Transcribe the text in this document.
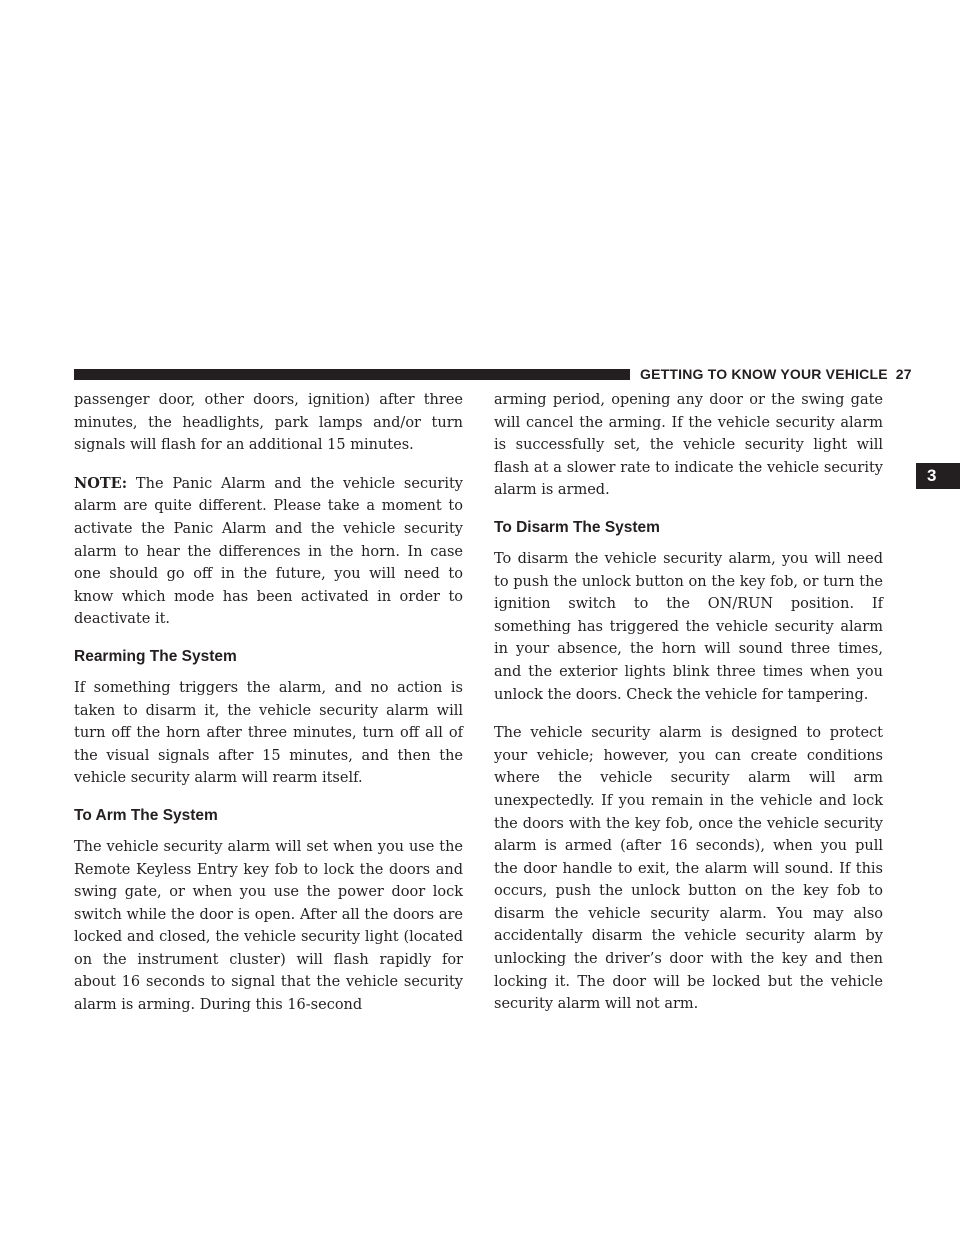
GETTING TO KNOW YOUR VEHICLE 27
3

passenger door, other doors, ignition) after three minutes, the headlights, park lamps and/or turn signals will flash for an additional 15 minutes.

NOTE: The Panic Alarm and the vehicle security alarm are quite different. Please take a moment to activate the Panic Alarm and the vehicle security alarm to hear the differences in the horn. In case one should go off in the future, you will need to know which mode has been activated in order to deactivate it.

Rearming The System

If something triggers the alarm, and no action is taken to disarm it, the vehicle security alarm will turn off the horn after three minutes, turn off all of the visual signals after 15 minutes, and then the vehicle security alarm will rearm itself.

To Arm The System

The vehicle security alarm will set when you use the Remote Keyless Entry key fob to lock the doors and swing gate, or when you use the power door lock switch while the door is open. After all the doors are locked and closed, the vehicle security light (located on the instrument cluster) will flash rapidly for about 16 seconds to signal that the vehicle security alarm is arming. During this 16-second

arming period, opening any door or the swing gate will cancel the arming. If the vehicle security alarm is successfully set, the vehicle security light will flash at a slower rate to indicate the vehicle security alarm is armed.

To Disarm The System

To disarm the vehicle security alarm, you will need to push the unlock button on the key fob, or turn the ignition switch to the ON/RUN position. If something has triggered the vehicle security alarm in your absence, the horn will sound three times, and the exterior lights blink three times when you unlock the doors. Check the vehicle for tampering.

The vehicle security alarm is designed to protect your vehicle; however, you can create conditions where the vehicle security alarm will arm unexpectedly. If you remain in the vehicle and lock the doors with the key fob, once the vehicle security alarm is armed (after 16 seconds), when you pull the door handle to exit, the alarm will sound. If this occurs, push the unlock button on the key fob to disarm the vehicle security alarm. You may also accidentally disarm the vehicle security alarm by unlocking the driver’s door with the key and then locking it. The door will be locked but the vehicle security alarm will not arm.
